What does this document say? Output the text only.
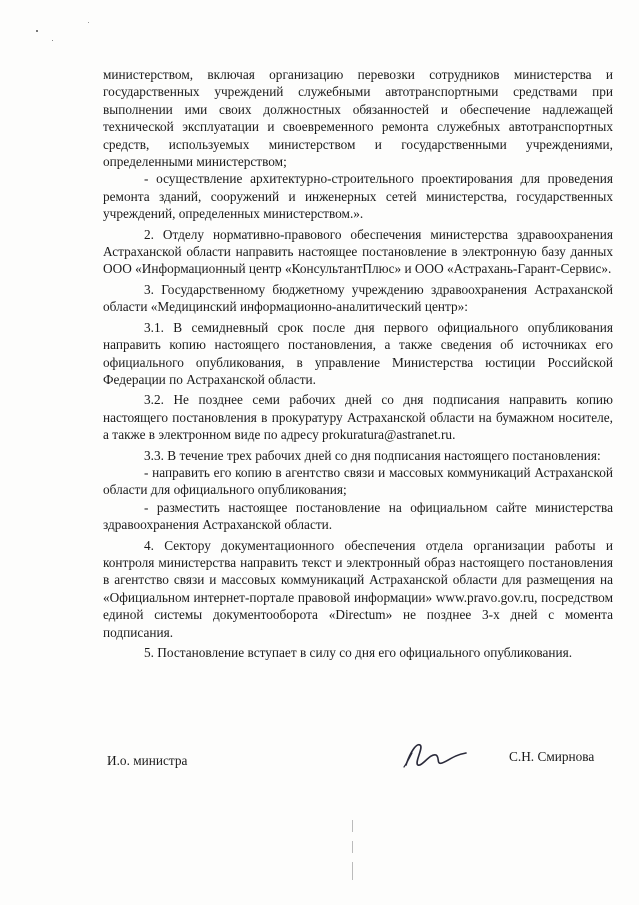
министерством, включая организацию перевозки сотрудников министерства и государственных учреждений служебными автотранспортными средствами при выполнении ими своих должностных обязанностей и обеспечение надлежащей технической эксплуатации и своевременного ремонта служебных автотранспортных средств, используемых министерством и государственными учреждениями, определенными министерством;

- осуществление архитектурно-строительного проектирования для проведения ремонта зданий, сооружений и инженерных сетей министерства, государственных учреждений, определенных министерством.».

2. Отделу нормативно-правового обеспечения министерства здравоохранения Астраханской области направить настоящее постановление в электронную базу данных ООО «Информационный центр «КонсультантПлюс» и ООО «Астрахань-Гарант-Сервис».

3. Государственному бюджетному учреждению здравоохранения Астраханской области «Медицинский информационно-аналитический центр»:

3.1. В семидневный срок после дня первого официального опубликования направить копию настоящего постановления, а также сведения об источниках его официального опубликования, в управление Министерства юстиции Российской Федерации по Астраханской области.

3.2. Не позднее семи рабочих дней со дня подписания направить копию настоящего постановления в прокуратуру Астраханской области на бумажном носителе, а также в электронном виде по адресу prokuratura@astranet.ru.

3.3. В течение трех рабочих дней со дня подписания настоящего постановления:

- направить его копию в агентство связи и массовых коммуникаций Астраханской области для официального опубликования;

- разместить настоящее постановление на официальном сайте министерства здравоохранения Астраханской области.

4. Сектору документационного обеспечения отдела организации работы и контроля министерства направить текст и электронный образ настоящего постановления в агентство связи и массовых коммуникаций Астраханской области для размещения на «Официальном интернет-портале правовой информации» www.pravo.gov.ru, посредством единой системы документооборота «Directum» не позднее 3-х дней с момента подписания.

5. Постановление вступает в силу со дня его официального опубликования.

И.о. министра	С.Н. Смирнова
